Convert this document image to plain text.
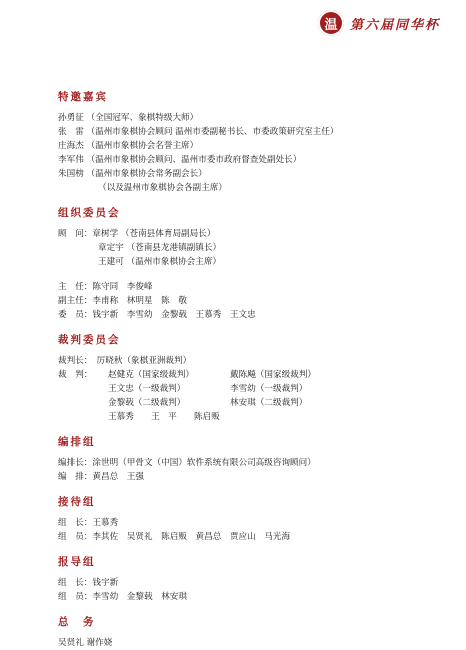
温 第六届同华杯
特邀嘉宾
孙勇征 （全国冠军、象棋特级大师）
张　雷 （温州市象棋协会顾问 温州市委副秘书长、市委政策研究室主任）
庄海杰 （温州市象棋协会名誉主席）
李军伟 （温州市象棋协会顾问、温州市委市政府督查处副处长）
朱国榜 （温州市象棋协会常务副会长）
（以及温州市象棋协会各副主席）
组织委员会
顾　问：章树学 （苍南县体育局副局长）
章定宇 （苍南县龙港镇副镇长）
王建可 （温州市象棋协会主席）
主　任：陈守同　李俊峰
副主任：李甫称　林明星　陈　敬
委　员：钱宇新　李雪幼　金黎载　王慕秀　王文忠
裁判委员会
裁判长：　厉晓秋（象棋亚洲裁判）
裁　判： 赵健克（国家级裁判）	戴陈飚（国家级裁判）
王文忠（一级裁判）	李雪幼（一级裁判）
金黎载（二级裁判）	林安琪（二级裁判）
王慕秀　　王　平　　陈启贩
编排组
编排长：涂世明（甲骨文（中国）软件系统有限公司高级咨询顾问）
编　排：黄昌总　王强
接待组
组　长：王慕秀
组　员：李其佐　吴贤礼　陈启贩　黄昌总　贾应山　马光海
报导组
组　长：钱宇新
组　员：李雪幼　金黎载　林安琪
总　务
吴贤礼 谢作娆
